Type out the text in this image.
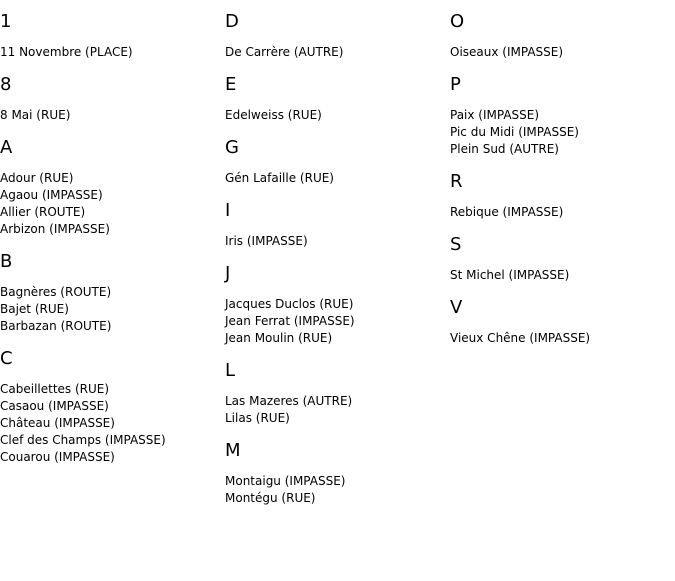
1
11 Novembre (PLACE)
8
8 Mai (RUE)
A
Adour (RUE)
Agaou (IMPASSE)
Allier (ROUTE)
Arbizon (IMPASSE)
B
Bagnères (ROUTE)
Bajet (RUE)
Barbazan (ROUTE)
C
Cabeillettes (RUE)
Casaou (IMPASSE)
Château (IMPASSE)
Clef des Champs (IMPASSE)
Couarou (IMPASSE)
D
De Carrère (AUTRE)
E
Edelweiss (RUE)
G
Gén Lafaille (RUE)
I
Iris (IMPASSE)
J
Jacques Duclos (RUE)
Jean Ferrat (IMPASSE)
Jean Moulin (RUE)
L
Las Mazeres (AUTRE)
Lilas (RUE)
M
Montaigu (IMPASSE)
Montégu (RUE)
O
Oiseaux (IMPASSE)
P
Paix (IMPASSE)
Pic du Midi (IMPASSE)
Plein Sud (AUTRE)
R
Rebique (IMPASSE)
S
St Michel (IMPASSE)
V
Vieux Chêne (IMPASSE)
